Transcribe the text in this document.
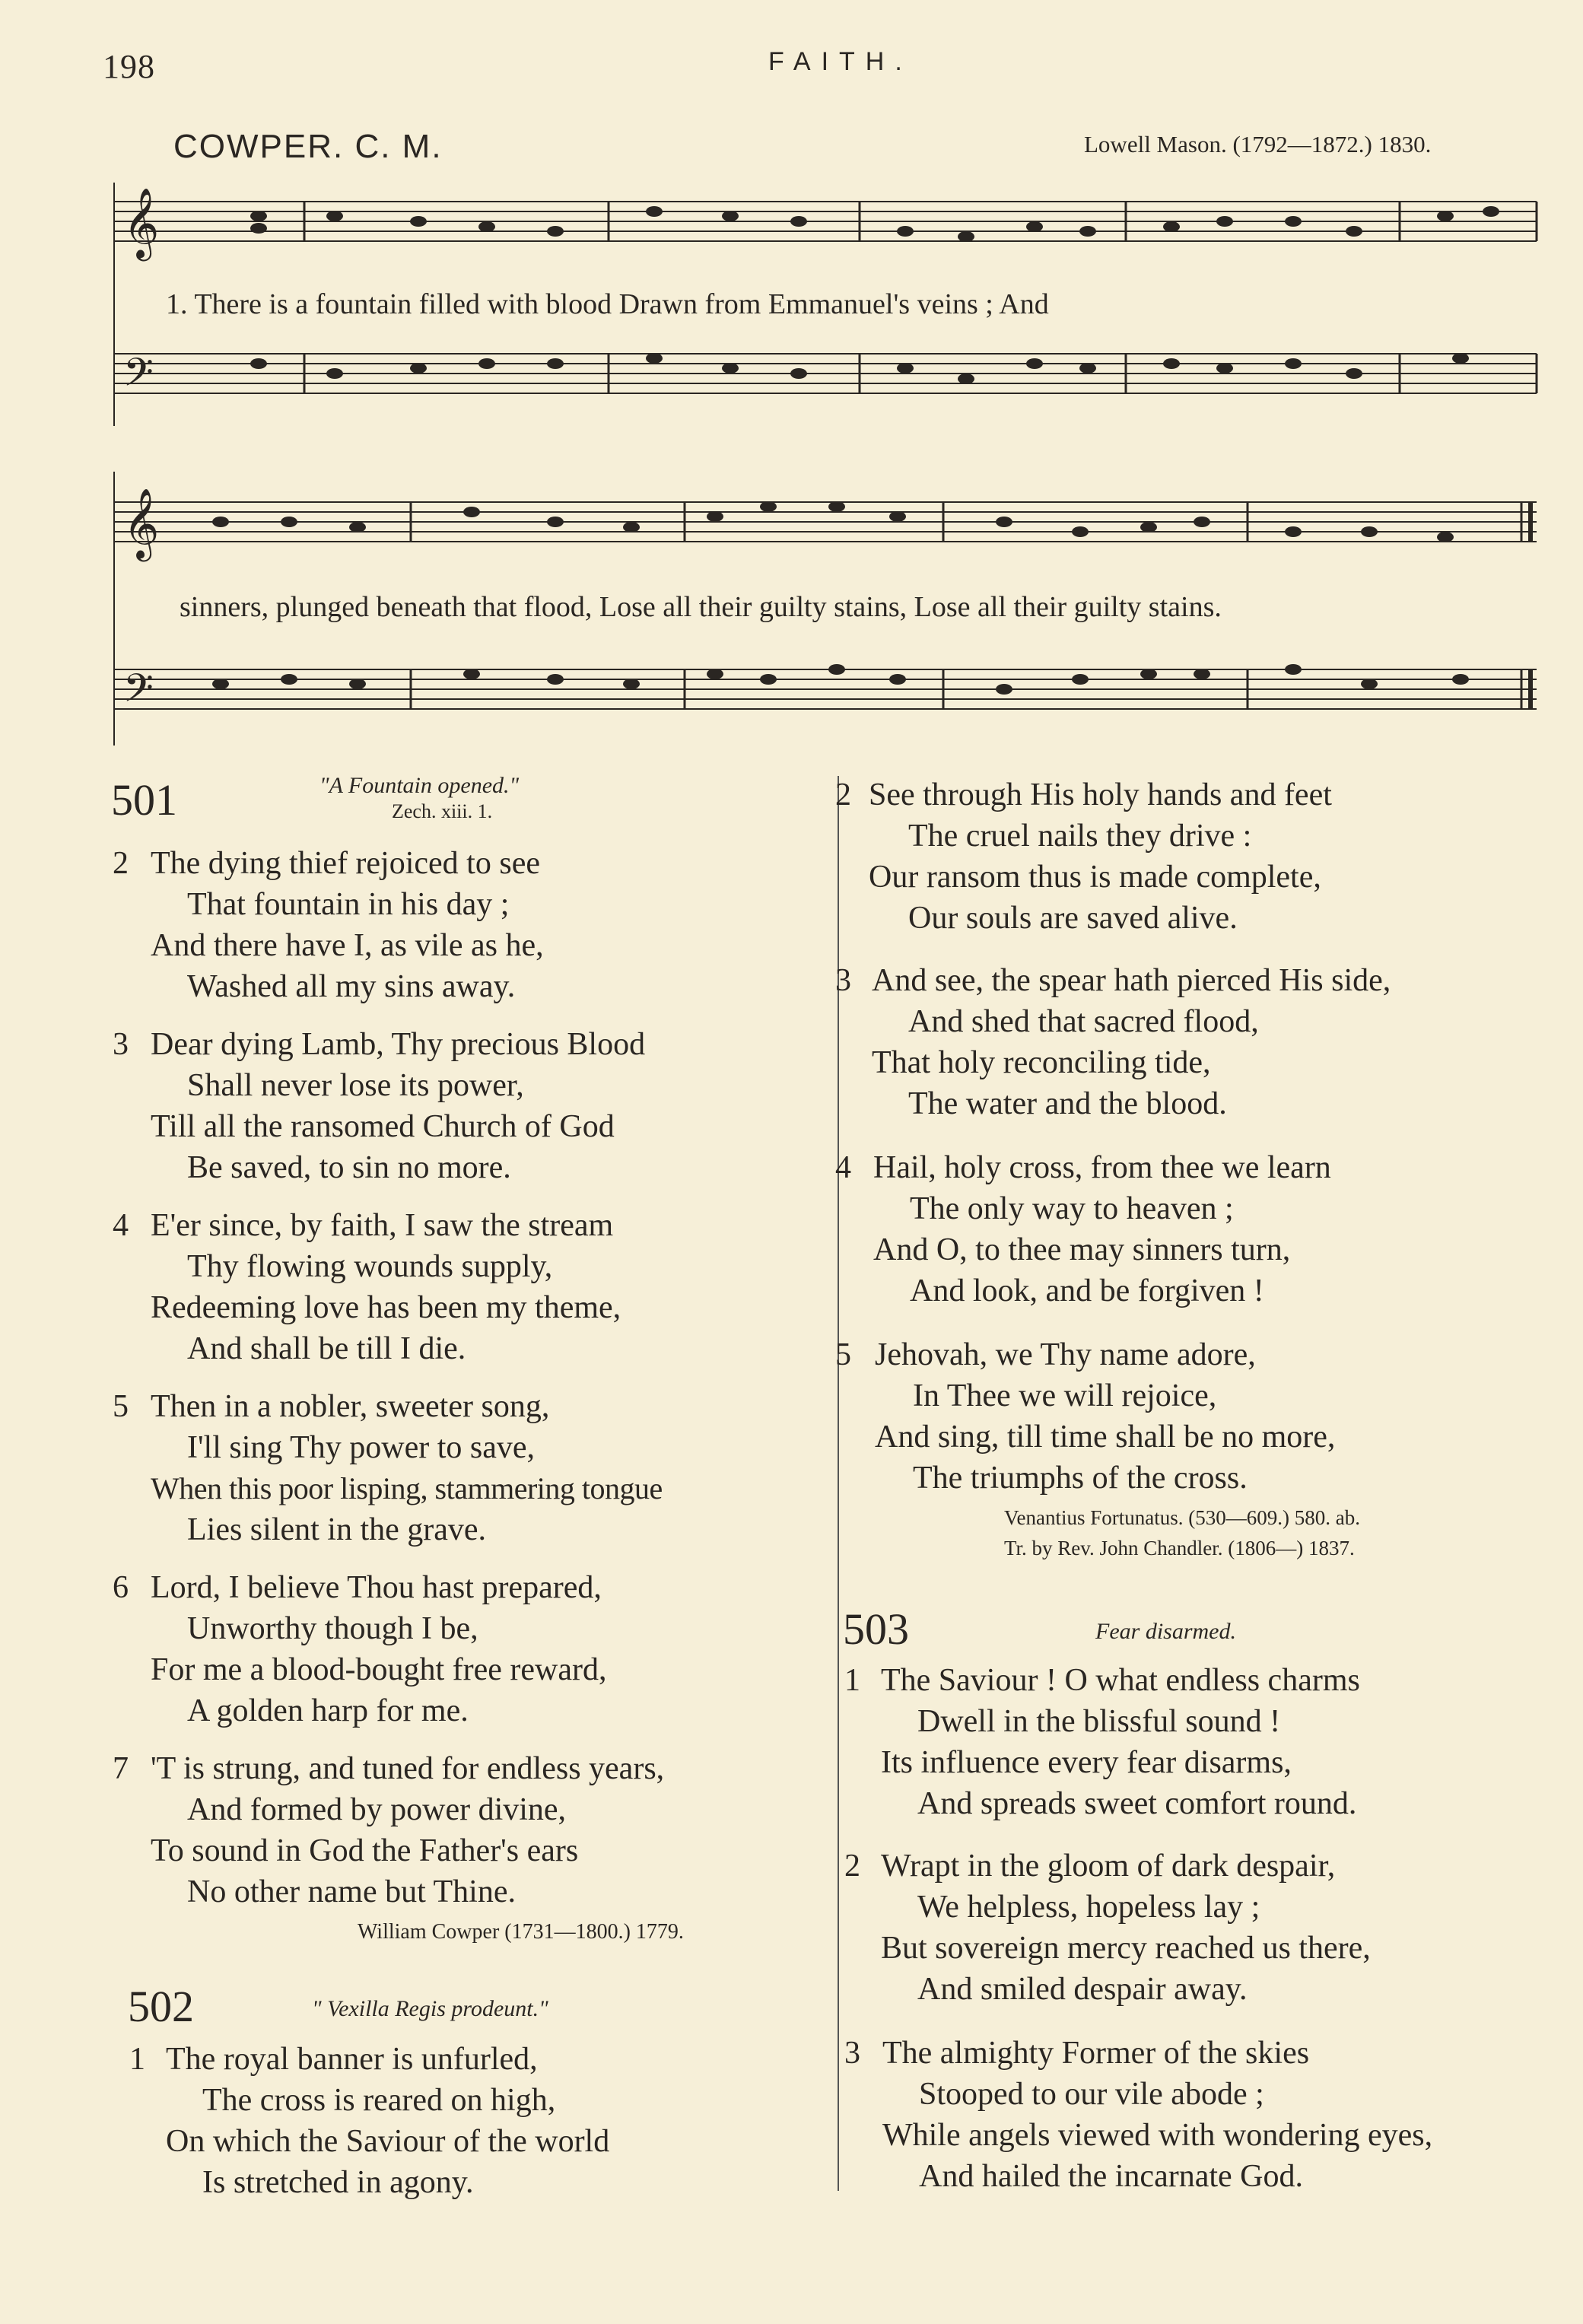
198	FAITH.
COWPER. C. M.	Lowell Mason. (1792—1872.) 1830.
𝄞
𝄢
𝄞
𝄢
1. There is a fountain filled with blood Drawn from Emmanuel's veins ; And
sinners, plunged beneath that flood, Lose all their guilty stains, Lose all their guilty stains.
501	"A Fountain opened."
Zech. xiii. 1.
2 The dying thief rejoiced to see
That fountain in his day ;
And there have I, as vile as he,
Washed all my sins away.
3 Dear dying Lamb, Thy precious Blood
Shall never lose its power,
Till all the ransomed Church of God
Be saved, to sin no more.
4 E'er since, by faith, I saw the stream
Thy flowing wounds supply,
Redeeming love has been my theme,
And shall be till I die.
5 Then in a nobler, sweeter song,
I'll sing Thy power to save,
When this poor lisping, stammering tongue
Lies silent in the grave.
6 Lord, I believe Thou hast prepared,
Unworthy though I be,
For me a blood-bought free reward,
A golden harp for me.
7 'T is strung, and tuned for endless years,
And formed by power divine,
To sound in God the Father's ears
No other name but Thine.
William Cowper (1731—1800.) 1779.
502	" Vexilla Regis prodeunt."
1 The royal banner is unfurled,
The cross is reared on high,
On which the Saviour of the world
Is stretched in agony.
2 See through His holy hands and feet
The cruel nails they drive :
Our ransom thus is made complete,
Our souls are saved alive.
3 And see, the spear hath pierced His side,
And shed that sacred flood,
That holy reconciling tide,
The water and the blood.
4 Hail, holy cross, from thee we learn
The only way to heaven ;
And O, to thee may sinners turn,
And look, and be forgiven !
5 Jehovah, we Thy name adore,
In Thee we will rejoice,
And sing, till time shall be no more,
The triumphs of the cross.
Venantius Fortunatus. (530—609.) 580. ab.
Tr. by Rev. John Chandler. (1806—) 1837.
503	Fear disarmed.
1 The Saviour ! O what endless charms
Dwell in the blissful sound !
Its influence every fear disarms,
And spreads sweet comfort round.
2 Wrapt in the gloom of dark despair,
We helpless, hopeless lay ;
But sovereign mercy reached us there,
And smiled despair away.
3 The almighty Former of the skies
Stooped to our vile abode ;
While angels viewed with wondering eyes,
And hailed the incarnate God.
